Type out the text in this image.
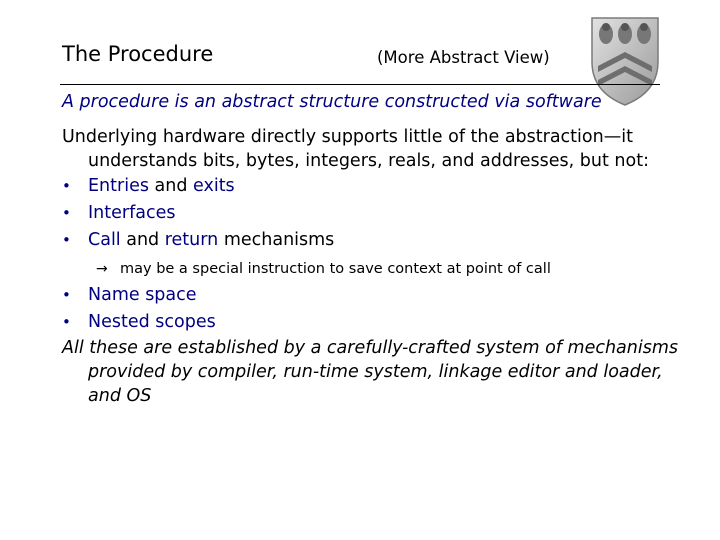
The Procedure	(More Abstract View)
A procedure is an abstract structure constructed via software
Underlying hardware directly supports little of the abstraction—it understands bits, bytes, integers, reals, and addresses, but not:
• Entries and exits
• Interfaces
• Call and return mechanisms
→ may be a special instruction to save context at point of call
• Name space
• Nested scopes
All these are established by a carefully-crafted system of mechanisms provided by compiler, run-time system, linkage editor and loader, and OS
